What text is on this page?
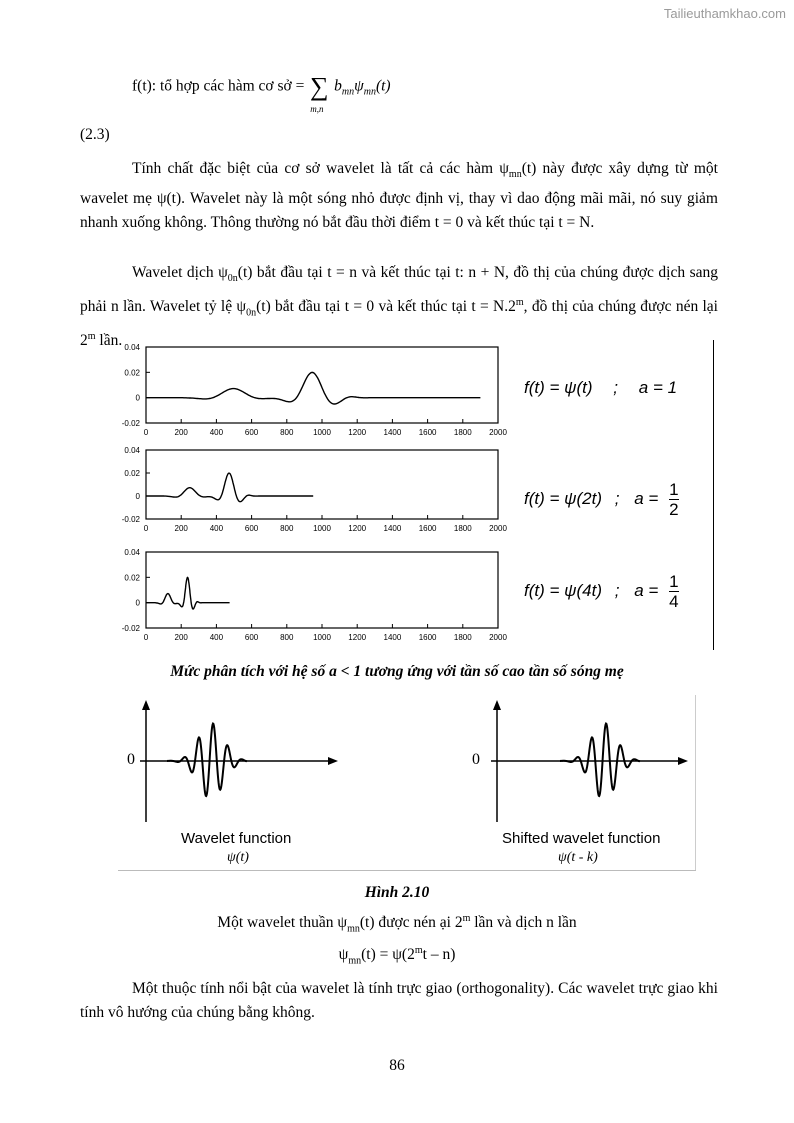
Tailieuthamkhao.com
f(t): tổ hợp các hàm cơ sở = ∑
m,n
$b_{mn}\psi_{mn}(t)$
(2.3)
Tính chất đặc biệt của cơ sở wavelet là tất cả các hàm $\psi_{mn}(t)$ này được xây dựng từ một wavelet mẹ ψ(t). Wavelet này là một sóng nhỏ được định vị, thay vì dao động mãi mãi, nó suy giảm nhanh xuống không. Thông thường nó bắt đầu thời điểm t = 0 và kết thúc tại t = N.
Wavelet dịch $\psi_{0n}(t)$ bắt đầu tại t = n và kết thúc tại t: n + N, đồ thị của chúng được dịch sang phải n lần. Wavelet tỷ lệ $\psi_{0n}(t)$ bắt đầu tại t = 0 và kết thúc tại $t = N.2^m$, đồ thị của chúng được nén lại 2$^m$ lần. 0.04
0.02
0
-0.02
0	200	400	600	800 1000 1200 1400 1600 1800 2000
0.04
0.02
0
-0.02
0	200	400	600	800 1000 1200 1400 1600 1800 2000
0.04
0.02
0
-0.02
0	200	400	600	800 1000 1200 1400 1600 1800 2000
f(t) = ψ(t) ; a = 1
f(t) = ψ(2t) ; $a = \frac{1}{2}$
f(t) = ψ(4t) ; $a = \frac{1}{4}$
Mức phân tích với hệ số a < 1 tương ứng với tần số cao tần số sóng mẹ
0	0
Wavelet function
ψ(t)
Shifted wavelet function
ψ(t - k)
Hình 2.10
Một wavelet thuần $\psi_{mn}(t)$ được nén ại 2$^m$ lần và dịch n lần
$\psi_{mn}(t) = \psi(2^mt - n)$
Một thuộc tính nổi bật của wavelet là tính trực giao (orthogonality). Các wavelet trực giao khi tính vô hướng của chúng bằng không.
86
